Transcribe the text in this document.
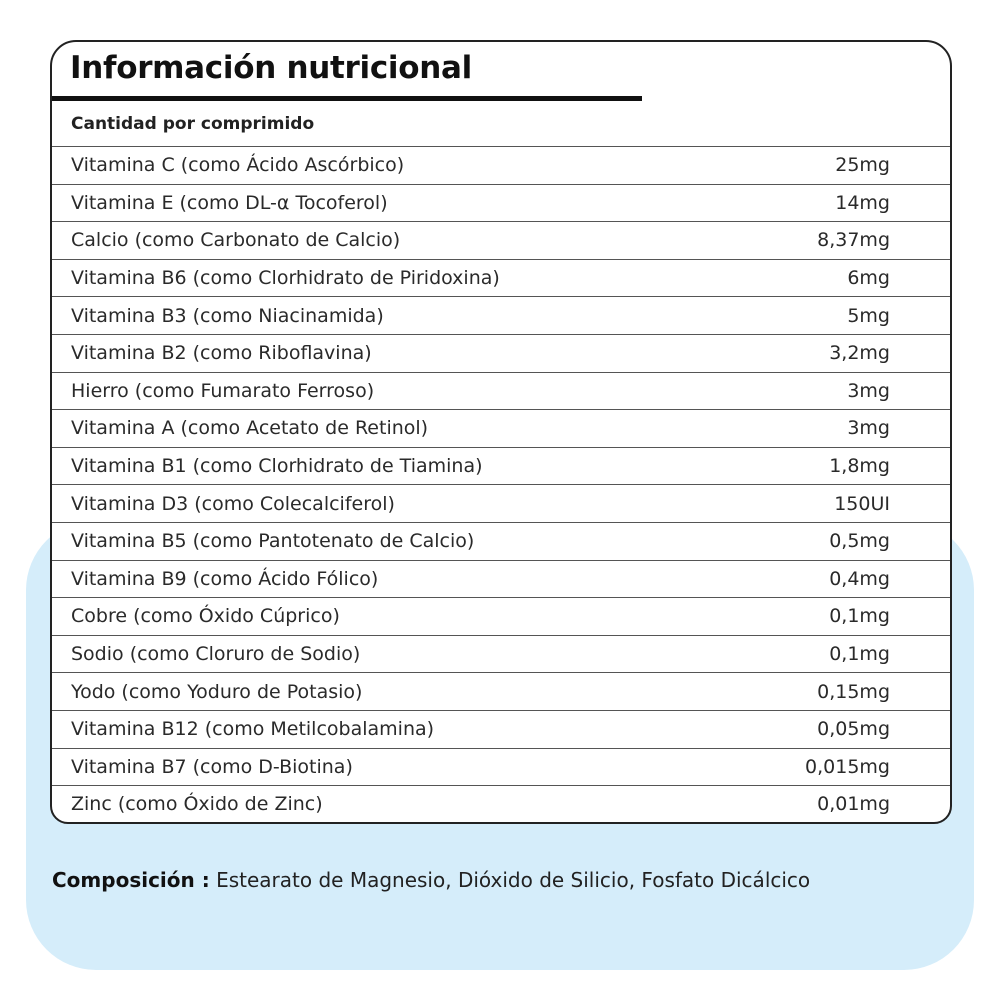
Información nutricional

Cantidad por comprimido

Vitamina C (como Ácido Ascórbico)	25mg
Vitamina E (como DL-α Tocoferol)	14mg
Calcio (como Carbonato de Calcio)	8,37mg
Vitamina B6 (como Clorhidrato de Piridoxina)	6mg
Vitamina B3 (como Niacinamida)	5mg
Vitamina B2 (como Riboflavina)	3,2mg
Hierro (como Fumarato Ferroso)	3mg
Vitamina A (como Acetato de Retinol)	3mg
Vitamina B1 (como Clorhidrato de Tiamina)	1,8mg
Vitamina D3 (como Colecalciferol)	150UI
Vitamina B5 (como Pantotenato de Calcio)	0,5mg
Vitamina B9 (como Ácido Fólico)	0,4mg
Cobre (como Óxido Cúprico)	0,1mg
Sodio (como Cloruro de Sodio)	0,1mg
Yodo (como Yoduro de Potasio)	0,15mg
Vitamina B12 (como Metilcobalamina)	0,05mg
Vitamina B7 (como D-Biotina)	0,015mg
Zinc (como Óxido de Zinc)	0,01mg
Composición : Estearato de Magnesio, Dióxido de Silicio, Fosfato Dicálcico
